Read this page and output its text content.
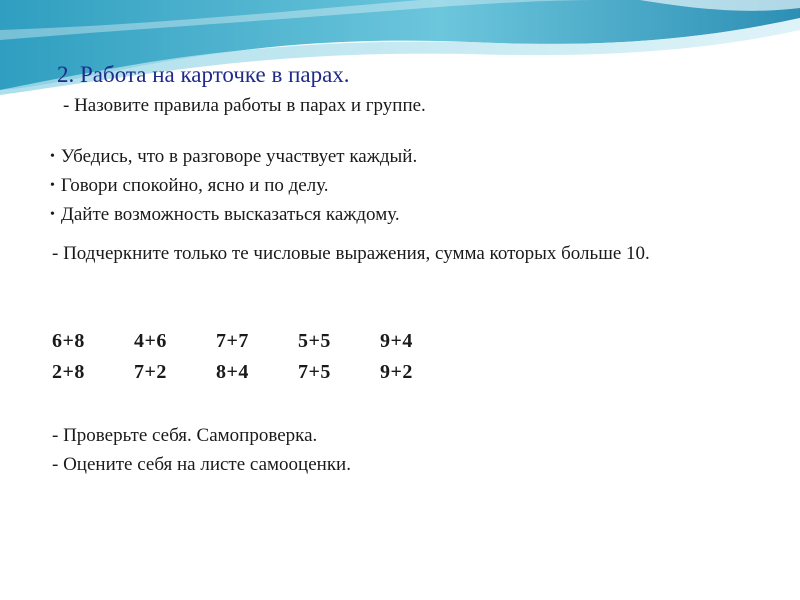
2. Работа на карточке в парах.

- Назовите правила работы в парах и группе.

• Убедись, что в разговоре участвует каждый.
• Говори спокойно, ясно и по делу.
• Дайте возможность высказаться каждому.

- Подчеркните только те числовые выражения, сумма которых больше 10.

6+8	4+6	7+7	5+5	9+4
2+8	7+2	8+4	7+5	9+2
- Проверьте себя. Самопроверка.
- Оцените себя на листе самооценки.
